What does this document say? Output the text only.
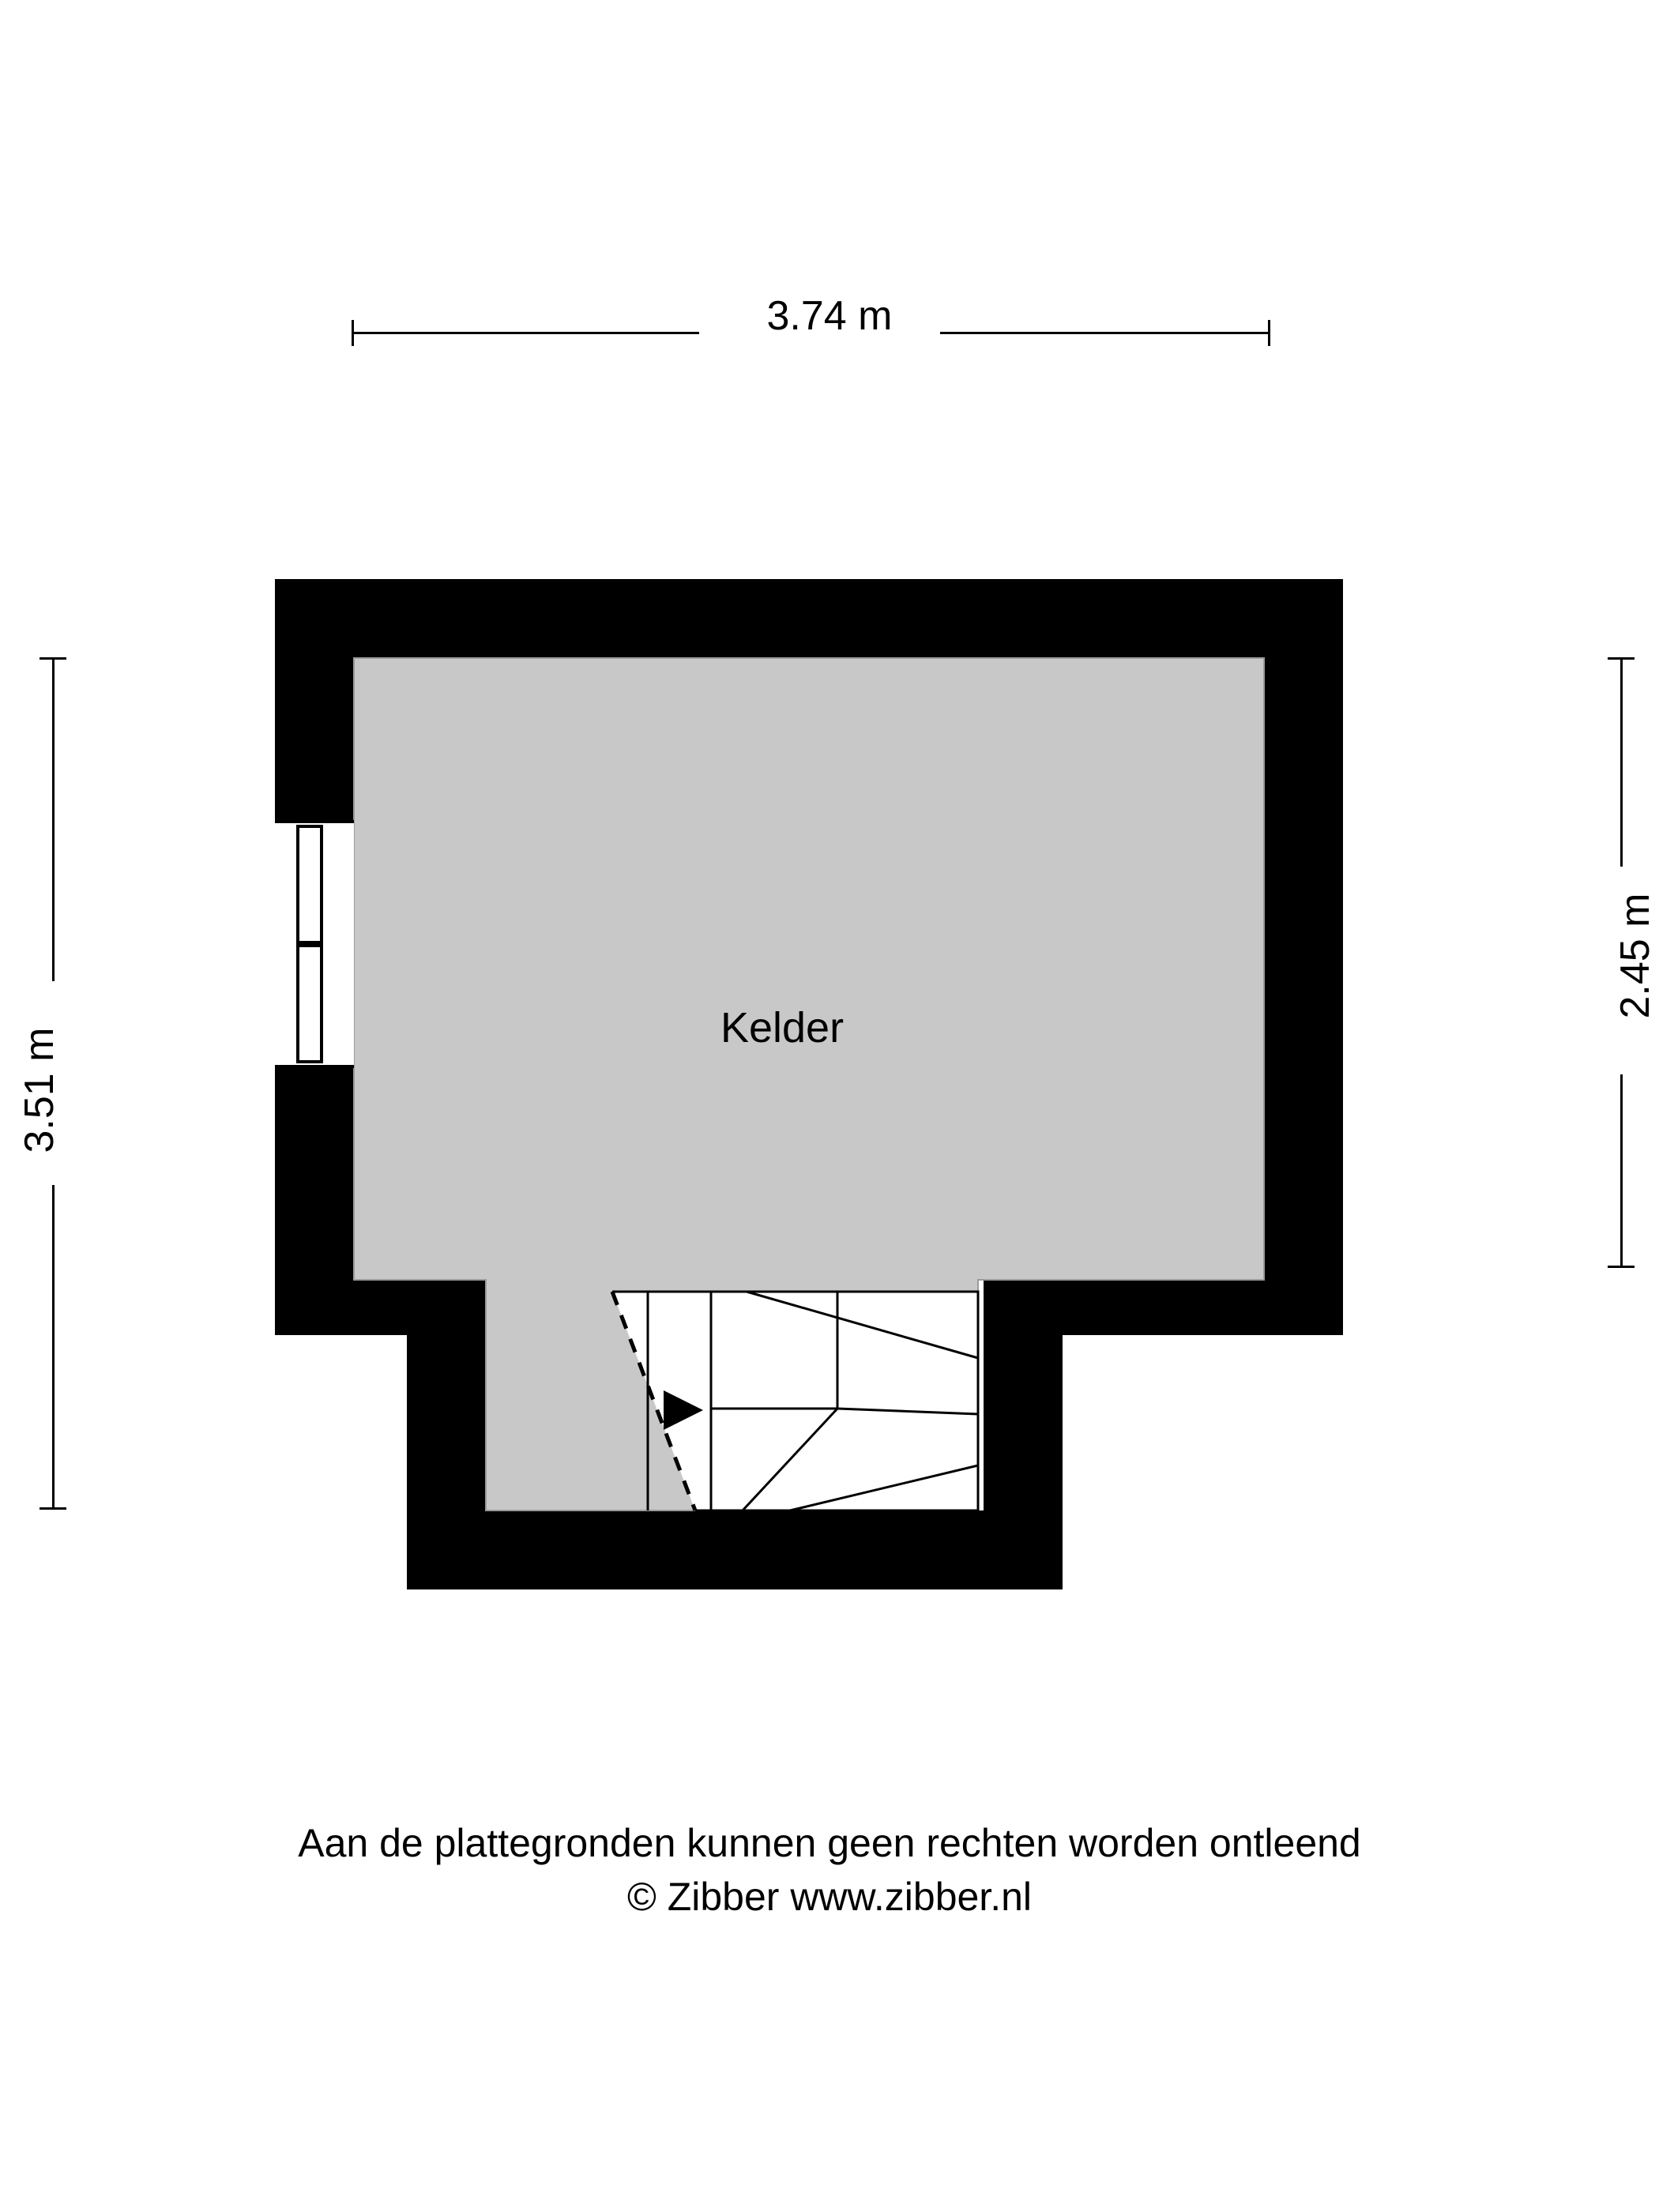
3.74 m
3.51 m
2.45 m
Kelder
Aan de plattegronden kunnen geen rechten worden ontleend
© Zibber www.zibber.nl
